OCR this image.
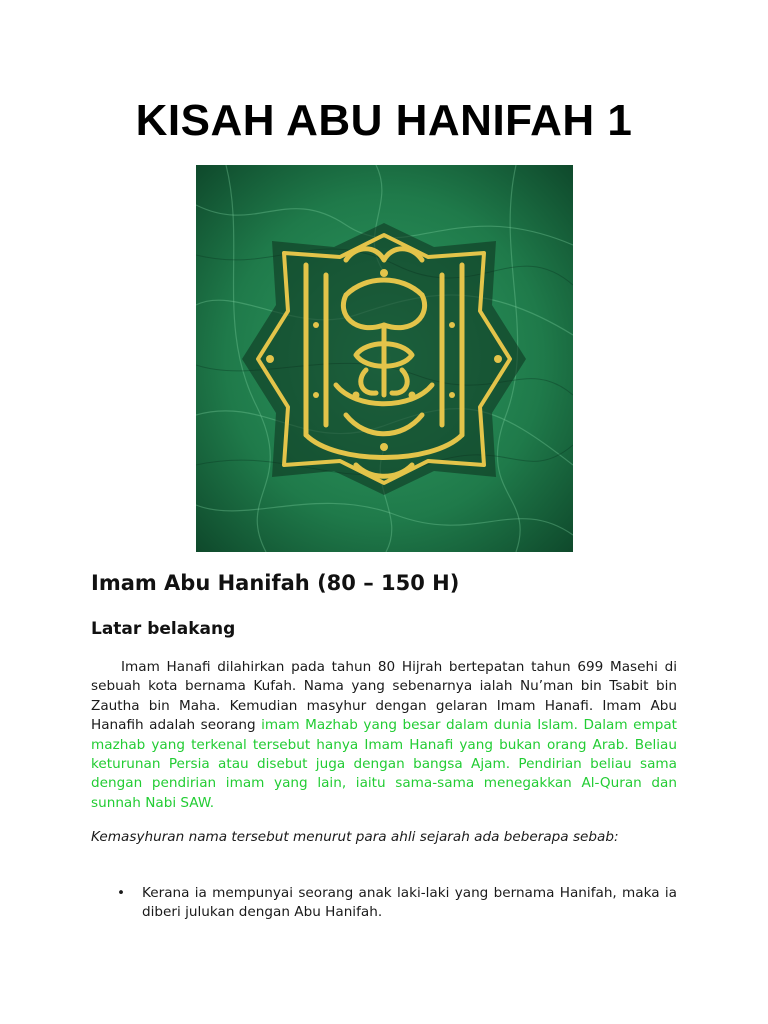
KISAH ABU HANIFAH 1
Imam Abu Hanifah (80 – 150 H)
Latar belakang

Imam Hanafi dilahirkan pada tahun 80 Hijrah bertepatan tahun 699 Masehi di sebuah kota bernama Kufah. Nama yang sebenarnya ialah Nu’man bin Tsabit bin Zautha bin Maha. Kemudian masyhur dengan gelaran Imam Hanafi. Imam Abu Hanafih adalah seorang imam Mazhab yang besar dalam dunia Islam. Dalam empat mazhab yang terkenal tersebut hanya Imam Hanafi yang bukan orang Arab. Beliau keturunan Persia atau disebut juga dengan bangsa Ajam. Pendirian beliau sama dengan pendirian imam yang lain, iaitu sama-sama menegakkan Al-Quran dan sunnah Nabi SAW.

Kemasyhuran nama tersebut menurut para ahli sejarah ada beberapa sebab:

• Kerana ia mempunyai seorang anak laki-laki yang bernama Hanifah, maka ia diberi julukan dengan Abu Hanifah.
